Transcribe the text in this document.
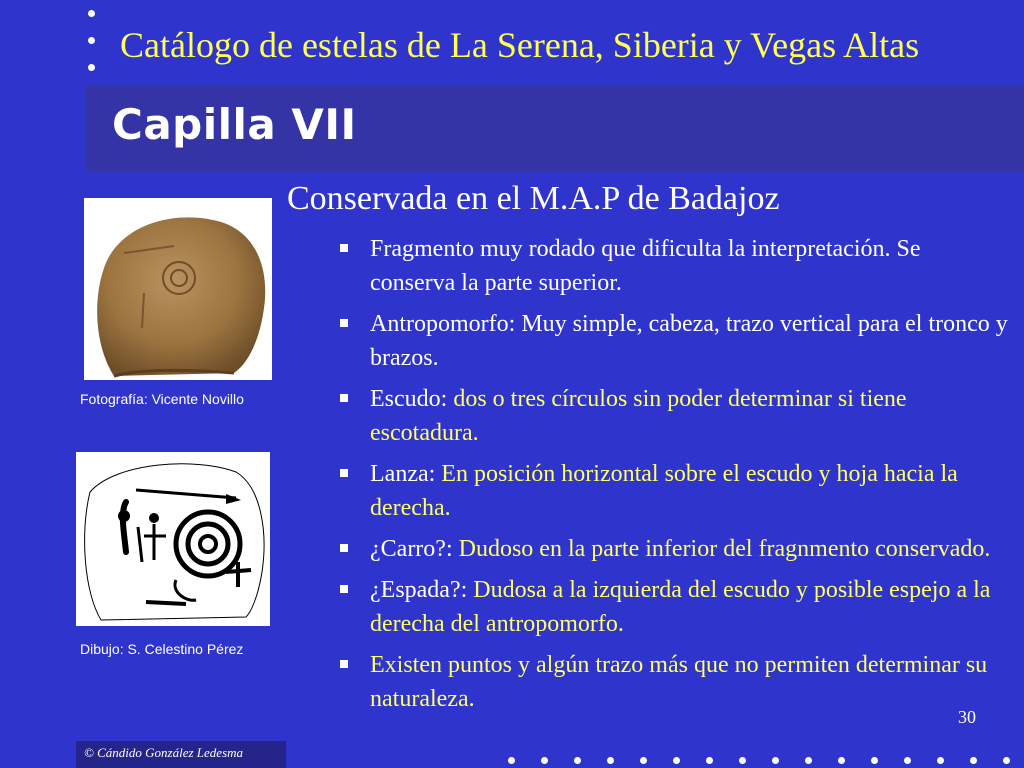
Catálogo de estelas de La Serena, Siberia y Vegas Altas
Capilla VII
Fotografía: Vicente Novillo
Dibujo: S. Celestino Pérez
Conservada en el M.A.P de Badajoz
Fragmento muy rodado que dificulta la interpretación. Se conserva la parte superior.
Antropomorfo: Muy simple, cabeza, trazo vertical para el tronco y brazos.
Escudo: dos o tres círculos sin poder determinar si tiene escotadura.
Lanza: En posición horizontal sobre el escudo y hoja hacia la derecha.
¿Carro?: Dudoso en la parte inferior del fragnmento conservado.
¿Espada?: Dudosa a la izquierda del escudo y posible espejo a la derecha del antropomorfo.
Existen puntos y algún trazo más que no permiten determinar su naturaleza.
30
© Cándido González Ledesma
